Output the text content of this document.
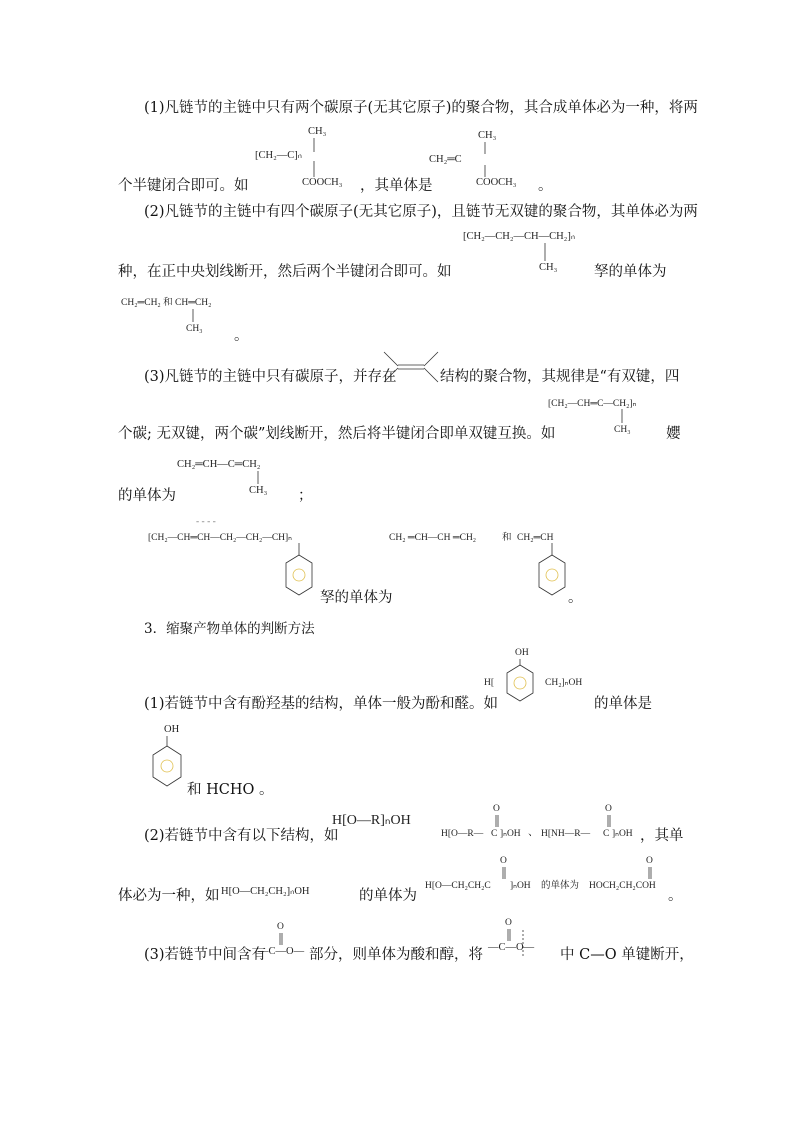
(1)凡链节的主链中只有两个碳原子(无其它原子)的聚合物，其合成单体必为一种，将两
CH₃
[CH₂—C]ₙ
COOCH₃
个半键闭合即可。如	，其单体是
CH₃
CH₂═C
COOCH₃ 。
(2)凡链节的主链中有四个碳原子(无其它原子)，且链节无双键的聚合物，其单体必为两
[CH₂—CH₂—CH—CH₂]ₙ
CH₃
种，在正中央划线断开，然后两个半键闭合即可。如	孥的单体为
CH₂═CH₂ 和 CH═CH₂
CH₃ 。
(3)凡链节的主链中只有碳原子，并存在	结构的聚合物，其规律是“有双键，四
[CH₂—CH═C—CH₂]ₙ
CH₃
个碳; 无双键，两个碳”划线断开，然后将半键闭合即单双键互换。如	孆
CH₂═CH—C═CH₂
CH₃
的单体为	；
- - - -
[CH₂—CH═CH—CH₂—CH₂—CH]ₙ
孥的单体为
CH₂ ═CH—CH ═CH₂	和 CH₂═CH
。
3．缩聚产物单体的判断方法
OH
H[	CH₂]ₙOH
(1)若链节中含有酚羟基的结构，单体一般为酚和醛。如	的单体是
OH
和 HCHO 。
(2)若链节中含有以下结构，如
H[O—R]ₙOH
O
H[O—R— C ]ₙOH 、
O
H[NH—R— C ]ₙOH ，其单
体必为一种，如 H[O—CH₂CH₂]ₙOH	的单体为
O
H[O—CH₂CH₂C ]ₙOH 的单体为
O
HOCH₂CH₂COH
。
(3)若链节中间含有
O
—C—O— 部分，则单体为酸和醇，将
O
—C—O— 中 C—O 单键断开，
